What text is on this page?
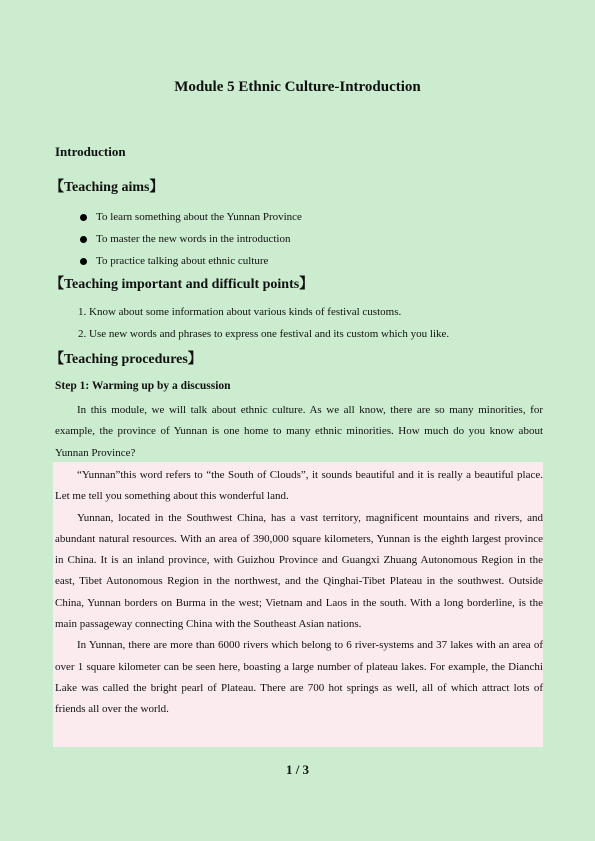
Module 5 Ethnic Culture-Introduction
Introduction
【Teaching aims】
To learn something about the Yunnan Province
To master the new words in the introduction
To practice talking about ethnic culture
【Teaching important and difficult points】
1. Know about some information about various kinds of festival customs.
2. Use new words and phrases to express one festival and its custom which you like.
【Teaching procedures】
Step 1: Warming up by a discussion

In this module, we will talk about ethnic culture. As we all know, there are so many minorities, for example, the province of Yunnan is one home to many ethnic minorities. How much do you know about Yunnan Province?

“Yunnan”this word refers to “the South of Clouds”, it sounds beautiful and it is really a beautiful place. Let me tell you something about this wonderful land.

Yunnan, located in the Southwest China, has a vast territory, magnificent mountains and rivers, and abundant natural resources. With an area of 390,000 square kilometers, Yunnan is the eighth largest province in China. It is an inland province, with Guizhou Province and Guangxi Zhuang Autonomous Region in the east, Tibet Autonomous Region in the northwest, and the Qinghai-Tibet Plateau in the southwest. Outside China, Yunnan borders on Burma in the west; Vietnam and Laos in the south. With a long borderline, is the main passageway connecting China with the Southeast Asian nations.

In Yunnan, there are more than 6000 rivers which belong to 6 river-systems and 37 lakes with an area of over 1 square kilometer can be seen here, boasting a large number of plateau lakes. For example, the Dianchi Lake was called the bright pearl of Plateau. There are 700 hot springs as well, all of which attract lots of friends all over the world.

1 / 3
